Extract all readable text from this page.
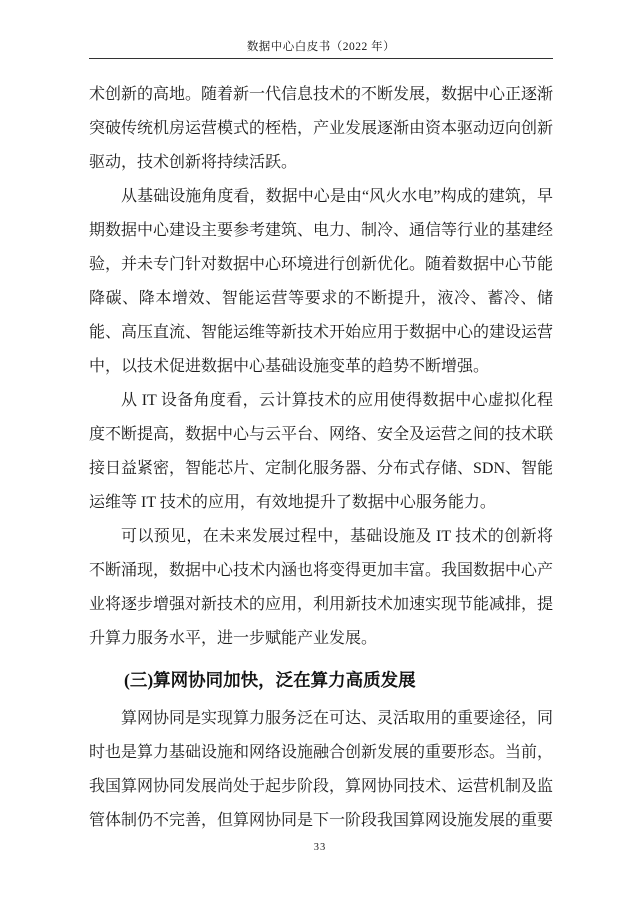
数据中心白皮书（2022 年）

术创新的高地。随着新一代信息技术的不断发展，数据中心正逐渐突破传统机房运营模式的桎梏，产业发展逐渐由资本驱动迈向创新驱动，技术创新将持续活跃。

从基础设施角度看，数据中心是由“风火水电”构成的建筑，早期数据中心建设主要参考建筑、电力、制冷、通信等行业的基建经验，并未专门针对数据中心环境进行创新优化。随着数据中心节能降碳、降本增效、智能运营等要求的不断提升，液冷、蓄冷、储能、高压直流、智能运维等新技术开始应用于数据中心的建设运营中，以技术促进数据中心基础设施变革的趋势不断增强。

从 IT 设备角度看，云计算技术的应用使得数据中心虚拟化程度不断提高，数据中心与云平台、网络、安全及运营之间的技术联接日益紧密，智能芯片、定制化服务器、分布式存储、SDN、智能运维等 IT 技术的应用，有效地提升了数据中心服务能力。

可以预见，在未来发展过程中，基础设施及 IT 技术的创新将不断涌现，数据中心技术内涵也将变得更加丰富。我国数据中心产业将逐步增强对新技术的应用，利用新技术加速实现节能减排，提升算力服务水平，进一步赋能产业发展。

(三)算网协同加快，泛在算力高质发展

算网协同是实现算力服务泛在可达、灵活取用的重要途径，同时也是算力基础设施和网络设施融合创新发展的重要形态。当前，我国算网协同发展尚处于起步阶段，算网协同技术、运营机制及监管体制仍不完善，但算网协同是下一阶段我国算网设施发展的重要

33
